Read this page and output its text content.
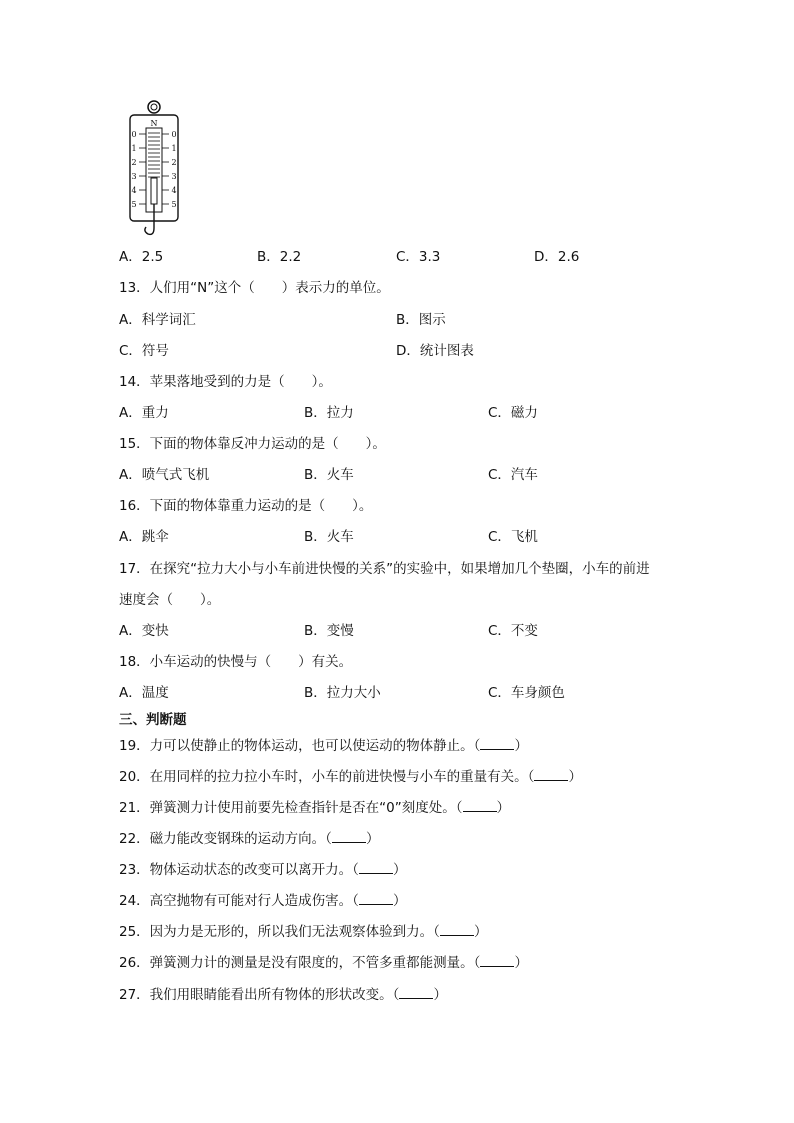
N
0
1
2
3
4
5
0
1
2
3
4
5
A．2.5	B．2.2	C．3.3	D．2.6
13．人们用“N”这个（　　）表示力的单位。
A．科学词汇	B．图示
C．符号	D．统计图表
14．苹果落地受到的力是（　　）。
A．重力	B．拉力	C．磁力
15．下面的物体靠反冲力运动的是（　　）。
A．喷气式飞机	B．火车	C．汽车
16．下面的物体靠重力运动的是（　　）。
A．跳伞	B．火车	C．飞机
17．在探究“拉力大小与小车前进快慢的关系”的实验中，如果增加几个垫圈，小车的前进
速度会（　　）。
A．变快	B．变慢	C．不变
18．小车运动的快慢与（　　）有关。
A．温度	B．拉力大小	C．车身颜色
三、判断题
19．力可以使静止的物体运动，也可以使运动的物体静止。（	）
20．在用同样的拉力拉小车时，小车的前进快慢与小车的重量有关。（	）
21．弹簧测力计使用前要先检查指针是否在“0”刻度处。（	）
22．磁力能改变钢珠的运动方向。（	）
23．物体运动状态的改变可以离开力。（	）
24．高空抛物有可能对行人造成伤害。（	）
25．因为力是无形的，所以我们无法观察体验到力。（	）
26．弹簧测力计的测量是没有限度的，不管多重都能测量。（	）
27．我们用眼睛能看出所有物体的形状改变。（	）
